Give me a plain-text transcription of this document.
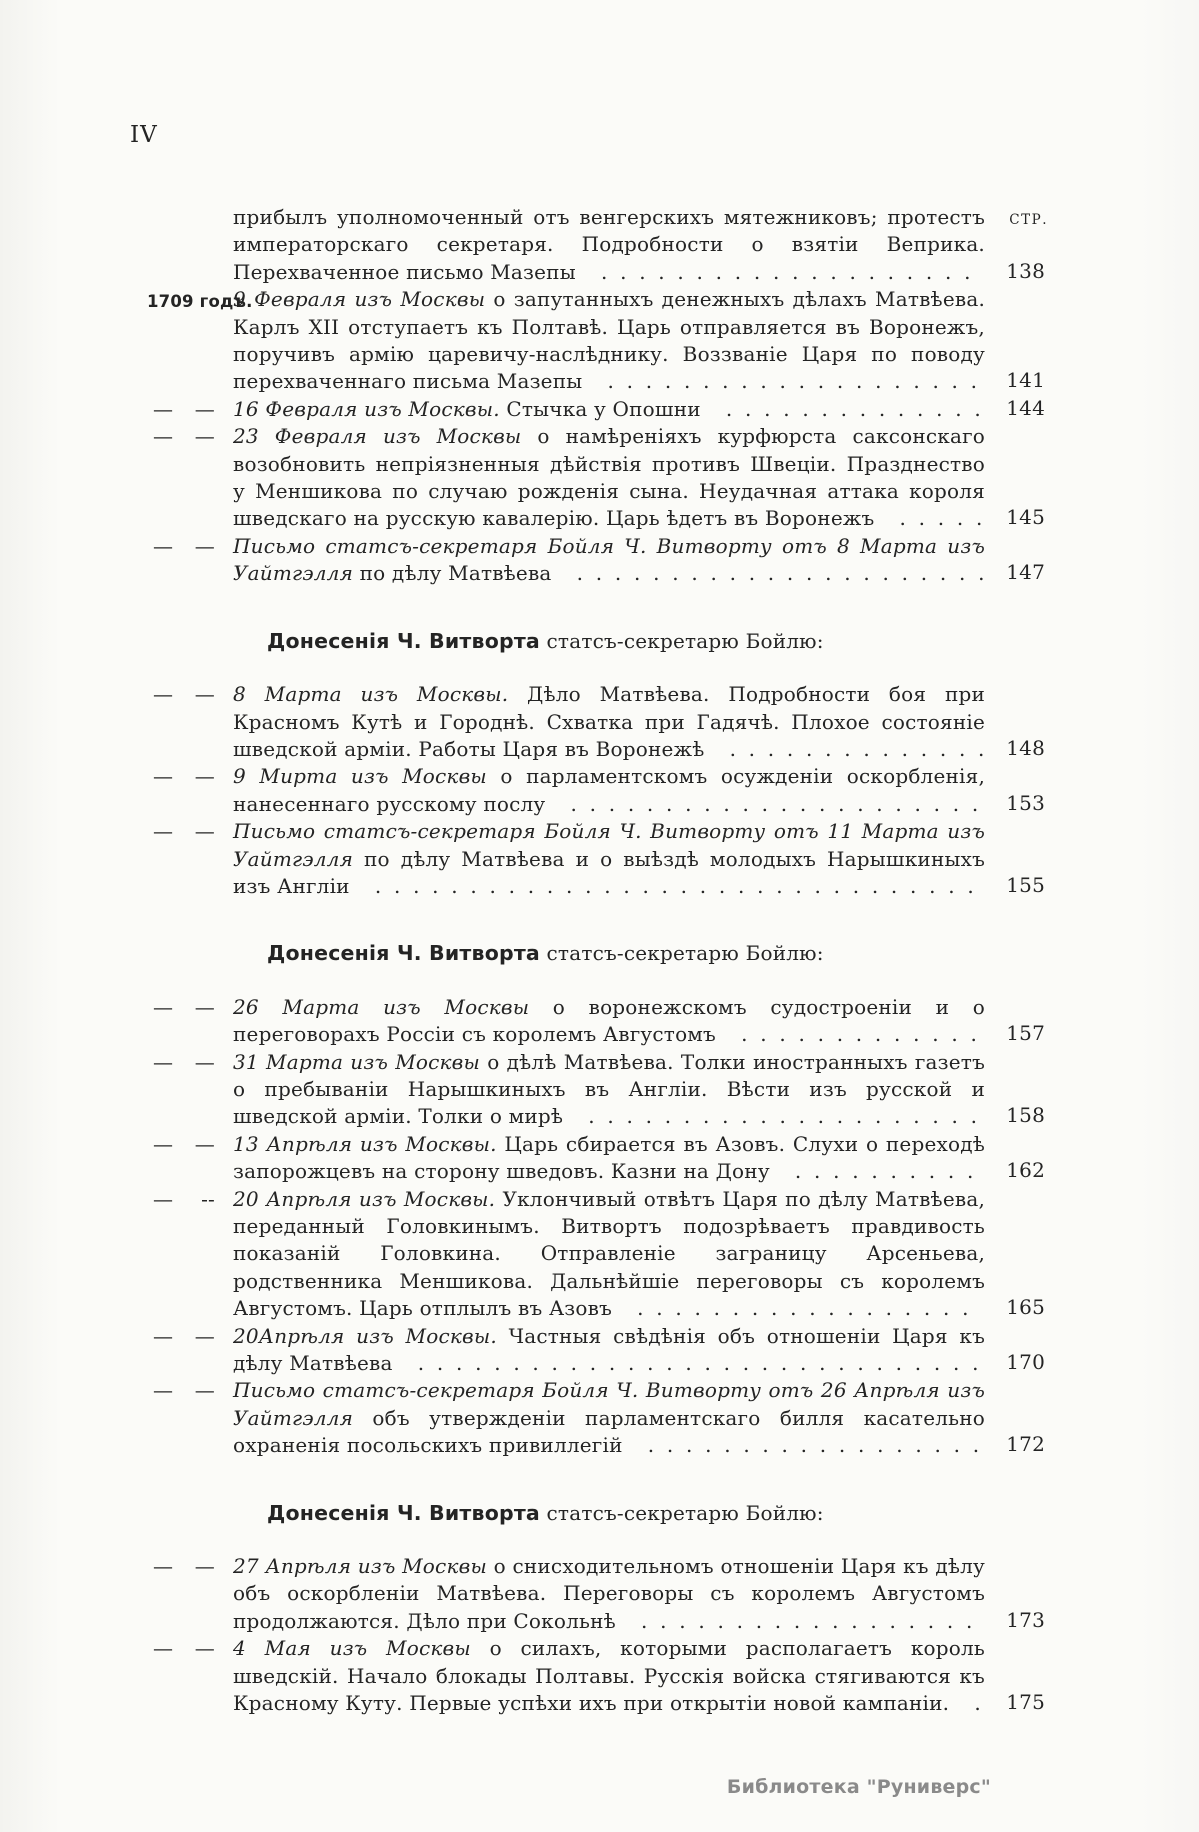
IV
СТР.
прибылъ уполномоченный отъ венгерскихъ мятежниковъ; протестъ императорскаго секретаря. Подробности о взятіи Веприка. Перехваченное письмо Мазепы  . . . . . . . . . . . . . . . . . . . .	138
1709 годъ.
9 Февраля изъ Москвы о запутанныхъ денежныхъ дѣлахъ Матвѣева. Карлъ XII отступаетъ къ Полтавѣ. Царь отправляется въ Воронежъ, поручивъ армію царевичу-наслѣднику. Воззваніе Царя по поводу перехваченнаго письма Мазепы  . . . . . . . . . . . . . . . . . . . .	141
— — 16 Февраля изъ Москвы. Стычка у Опошни  . . . . . . . . . . . . . .	144
— — 23 Февраля изъ Москвы о намѣреніяхъ курфюрста саксонскаго возобновить непріязненныя дѣйствія противъ Швеціи. Празднество у Меншикова по случаю рожденія сына. Неудачная аттака короля шведскаго на русскую кавалерію. Царь ѣдетъ въ Воронежъ  . . . . .	145
— — Письмо статсъ-секретаря Бойля Ч. Витворту отъ 8 Марта изъ Уайтгэлля по дѣлу Матвѣева  . . . . . . . . . . . . . . . . . . . . . .	147
Донесенія Ч. Витворта статсъ-секретарю Бойлю:
— — 8 Марта изъ Москвы. Дѣло Матвѣева. Подробности боя при Красномъ Кутѣ и Городнѣ. Схватка при Гадячѣ. Плохое состояніе шведской арміи. Работы Царя въ Воронежѣ  . . . . . . . . . . . . . .	148
— — 9 Мирта изъ Москвы о парламентскомъ осужденіи оскорбленія, нанесеннаго русскому послу  . . . . . . . . . . . . . . . . . . . . . .	153
— — Письмо статсъ-секретаря Бойля Ч. Витворту отъ 11 Марта изъ Уайтгэлля по дѣлу Матвѣева и о выѣздѣ молодыхъ Нарышкиныхъ изъ Англіи  . . . . . . . . . . . . . . . . . . . . . . . . . . . . . . . .	155
Донесенія Ч. Витворта статсъ-секретарю Бойлю:
— — 26 Марта изъ Москвы о воронежскомъ судостроеніи и о переговорахъ Россіи съ королемъ Августомъ  . . . . . . . . . . . . .	157
— — 31 Марта изъ Москвы о дѣлѣ Матвѣева. Толки иностранныхъ газетъ о пребываніи Нарышкиныхъ въ Англіи. Вѣсти изъ русской и шведской арміи. Толки о мирѣ  . . . . . . . . . . . . . . . . . . . . .	158
— — 13 Апрѣля изъ Москвы. Царь сбирается въ Азовъ. Слухи о переходѣ запорожцевъ на сторону шведовъ. Казни на Дону  . . . . . . . . . .	162
— -- 20 Апрѣля изъ Москвы. Уклончивый отвѣтъ Царя по дѣлу Матвѣева, переданный Головкинымъ. Витвортъ подозрѣваетъ правдивость показаній Головкина. Отправленіе заграницу Арсеньева, родственника Меншикова. Дальнѣйшіе переговоры съ королемъ Августомъ. Царь отплылъ въ Азовъ  . . . . . . . . . . . . . . . . . .	165
— — 20Апрѣля изъ Москвы. Частныя свѣдѣнія объ отношеніи Царя къ дѣлу Матвѣева  . . . . . . . . . . . . . . . . . . . . . . . . . . . . . .	170
— — Письмо статсъ-секретаря Бойля Ч. Витворту отъ 26 Апрѣля изъ Уайтгэлля объ утвержденіи парламентскаго билля касательно охраненія посольскихъ привиллегій  . . . . . . . . . . . . . . . . . .	172
Донесенія Ч. Витворта статсъ-секретарю Бойлю:
— — 27 Апрѣля изъ Москвы о снисходительномъ отношеніи Царя къ дѣлу объ оскорбленіи Матвѣева. Переговоры съ королемъ Августомъ продолжаются. Дѣло при Сокольнѣ  . . . . . . . . . . . . . . . . . .	173
— — 4 Мая изъ Москвы о силахъ, которыми располагаетъ король шведскій. Начало блокады Полтавы. Русскія войска стягиваются къ Красному Куту. Первые успѣхи ихъ при открытіи новой кампаніи.  .	175
Библиотека "Руниверс"
